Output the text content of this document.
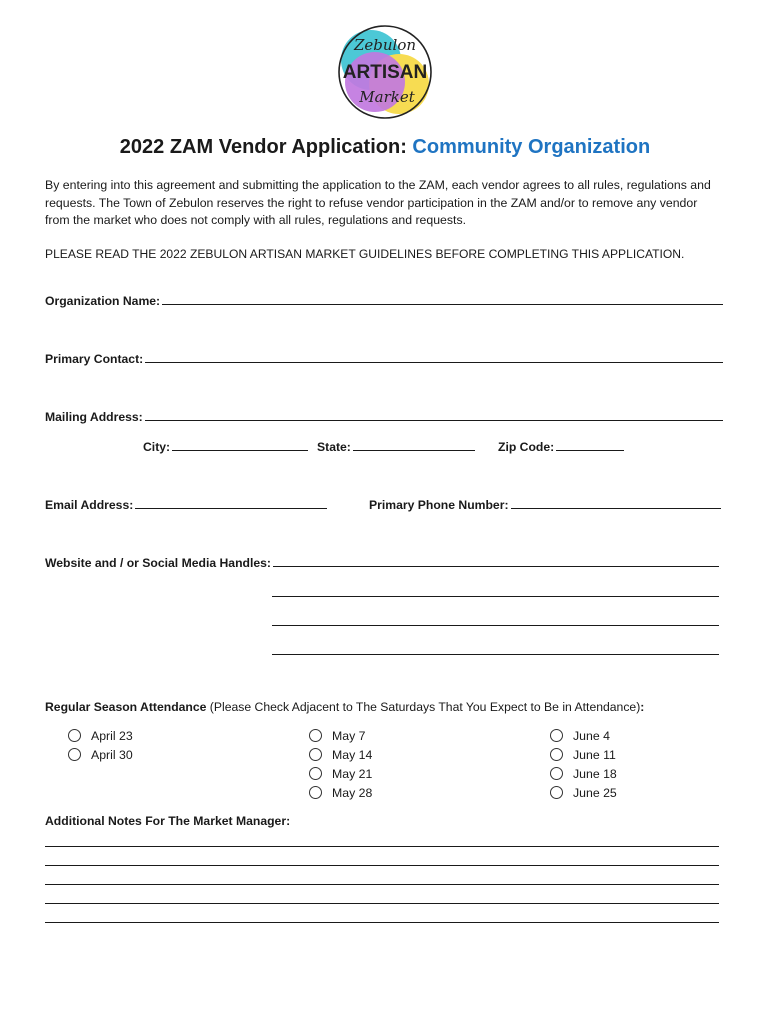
Zebulon
ARTISAN
Market
2022 ZAM Vendor Application: Community Organization
By entering into this agreement and submitting the application to the ZAM, each vendor agrees to all rules, regulations and requests. The Town of Zebulon reserves the right to refuse vendor participation in the ZAM and/or to remove any vendor from the market who does not comply with all rules, regulations and requests.
PLEASE READ THE 2022 ZEBULON ARTISAN MARKET GUIDELINES BEFORE COMPLETING THIS APPLICATION.
Organization Name:
Primary Contact:
Mailing Address:
City:	State:	Zip Code:
Email Address:	Primary Phone Number:
Website and / or Social Media Handles:
Regular Season Attendance (Please Check Adjacent to The Saturdays That You Expect to Be in Attendance):
April 23
April 30
May 7
May 14
May 21
May 28
June 4
June 11
June 18
June 25
Additional Notes For The Market Manager:
